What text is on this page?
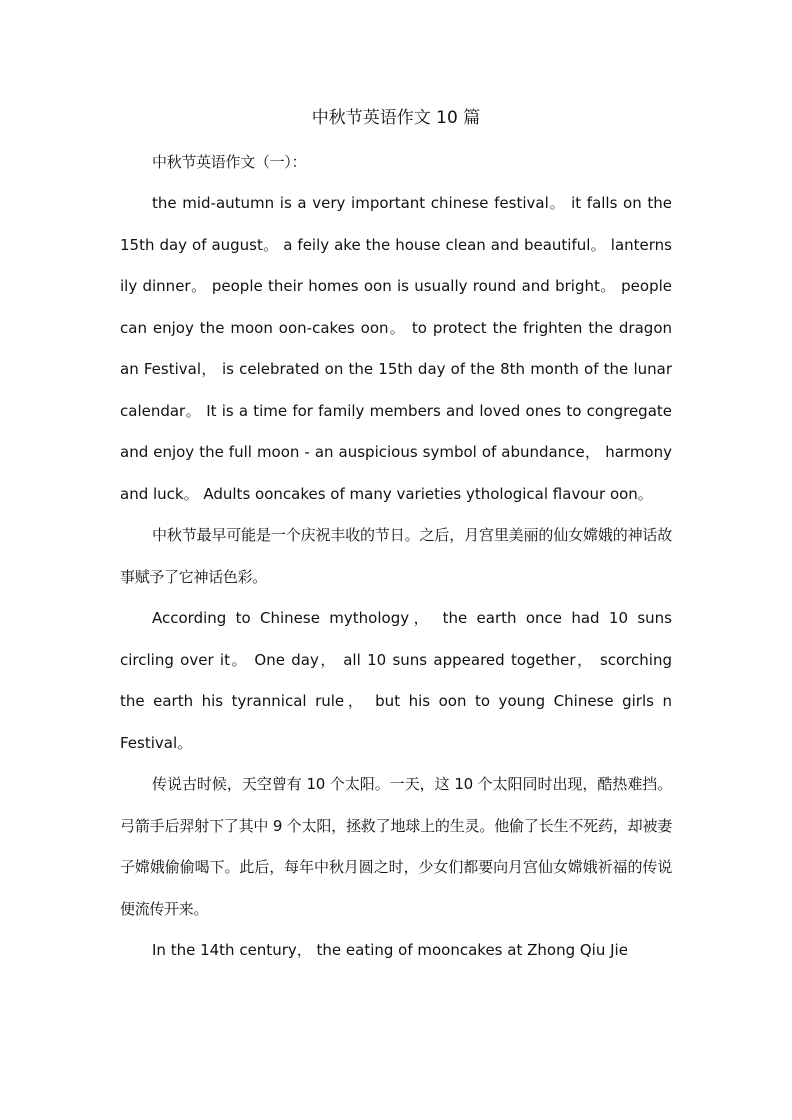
中秋节英语作文 10 篇

中秋节英语作文（一）：

the mid-autumn is a very important chinese festival。 it falls on the 15th day of august。 a feily ake the house clean and beautiful。 lanterns ily dinner。 people their homes oon is usually round and bright。 people can enjoy the moon oon-cakes oon。 to protect the frighten the dragon an Festival， is celebrated on the 15th day of the 8th month of the lunar calendar。 It is a time for family members and loved ones to congregate and enjoy the full moon - an auspicious symbol of abundance， harmony and luck。 Adults ooncakes of many varieties ythological flavour oon。

中秋节最早可能是一个庆祝丰收的节日。之后，月宫里美丽的仙女嫦娥的神话故事赋予了它神话色彩。

According to Chinese mythology， the earth once had 10 suns circling over it。 One day， all 10 suns appeared together， scorching the earth his tyrannical rule， but his oon to young Chinese girls n Festival。

传说古时候，天空曾有 10 个太阳。一天，这 10 个太阳同时出现，酷热难挡。弓箭手后羿射下了其中 9 个太阳，拯救了地球上的生灵。他偷了长生不死药，却被妻子嫦娥偷偷喝下。此后，每年中秋月圆之时，少女们都要向月宫仙女嫦娥祈福的传说便流传开来。

In the 14th century， the eating of mooncakes at Zhong Qiu Jie
